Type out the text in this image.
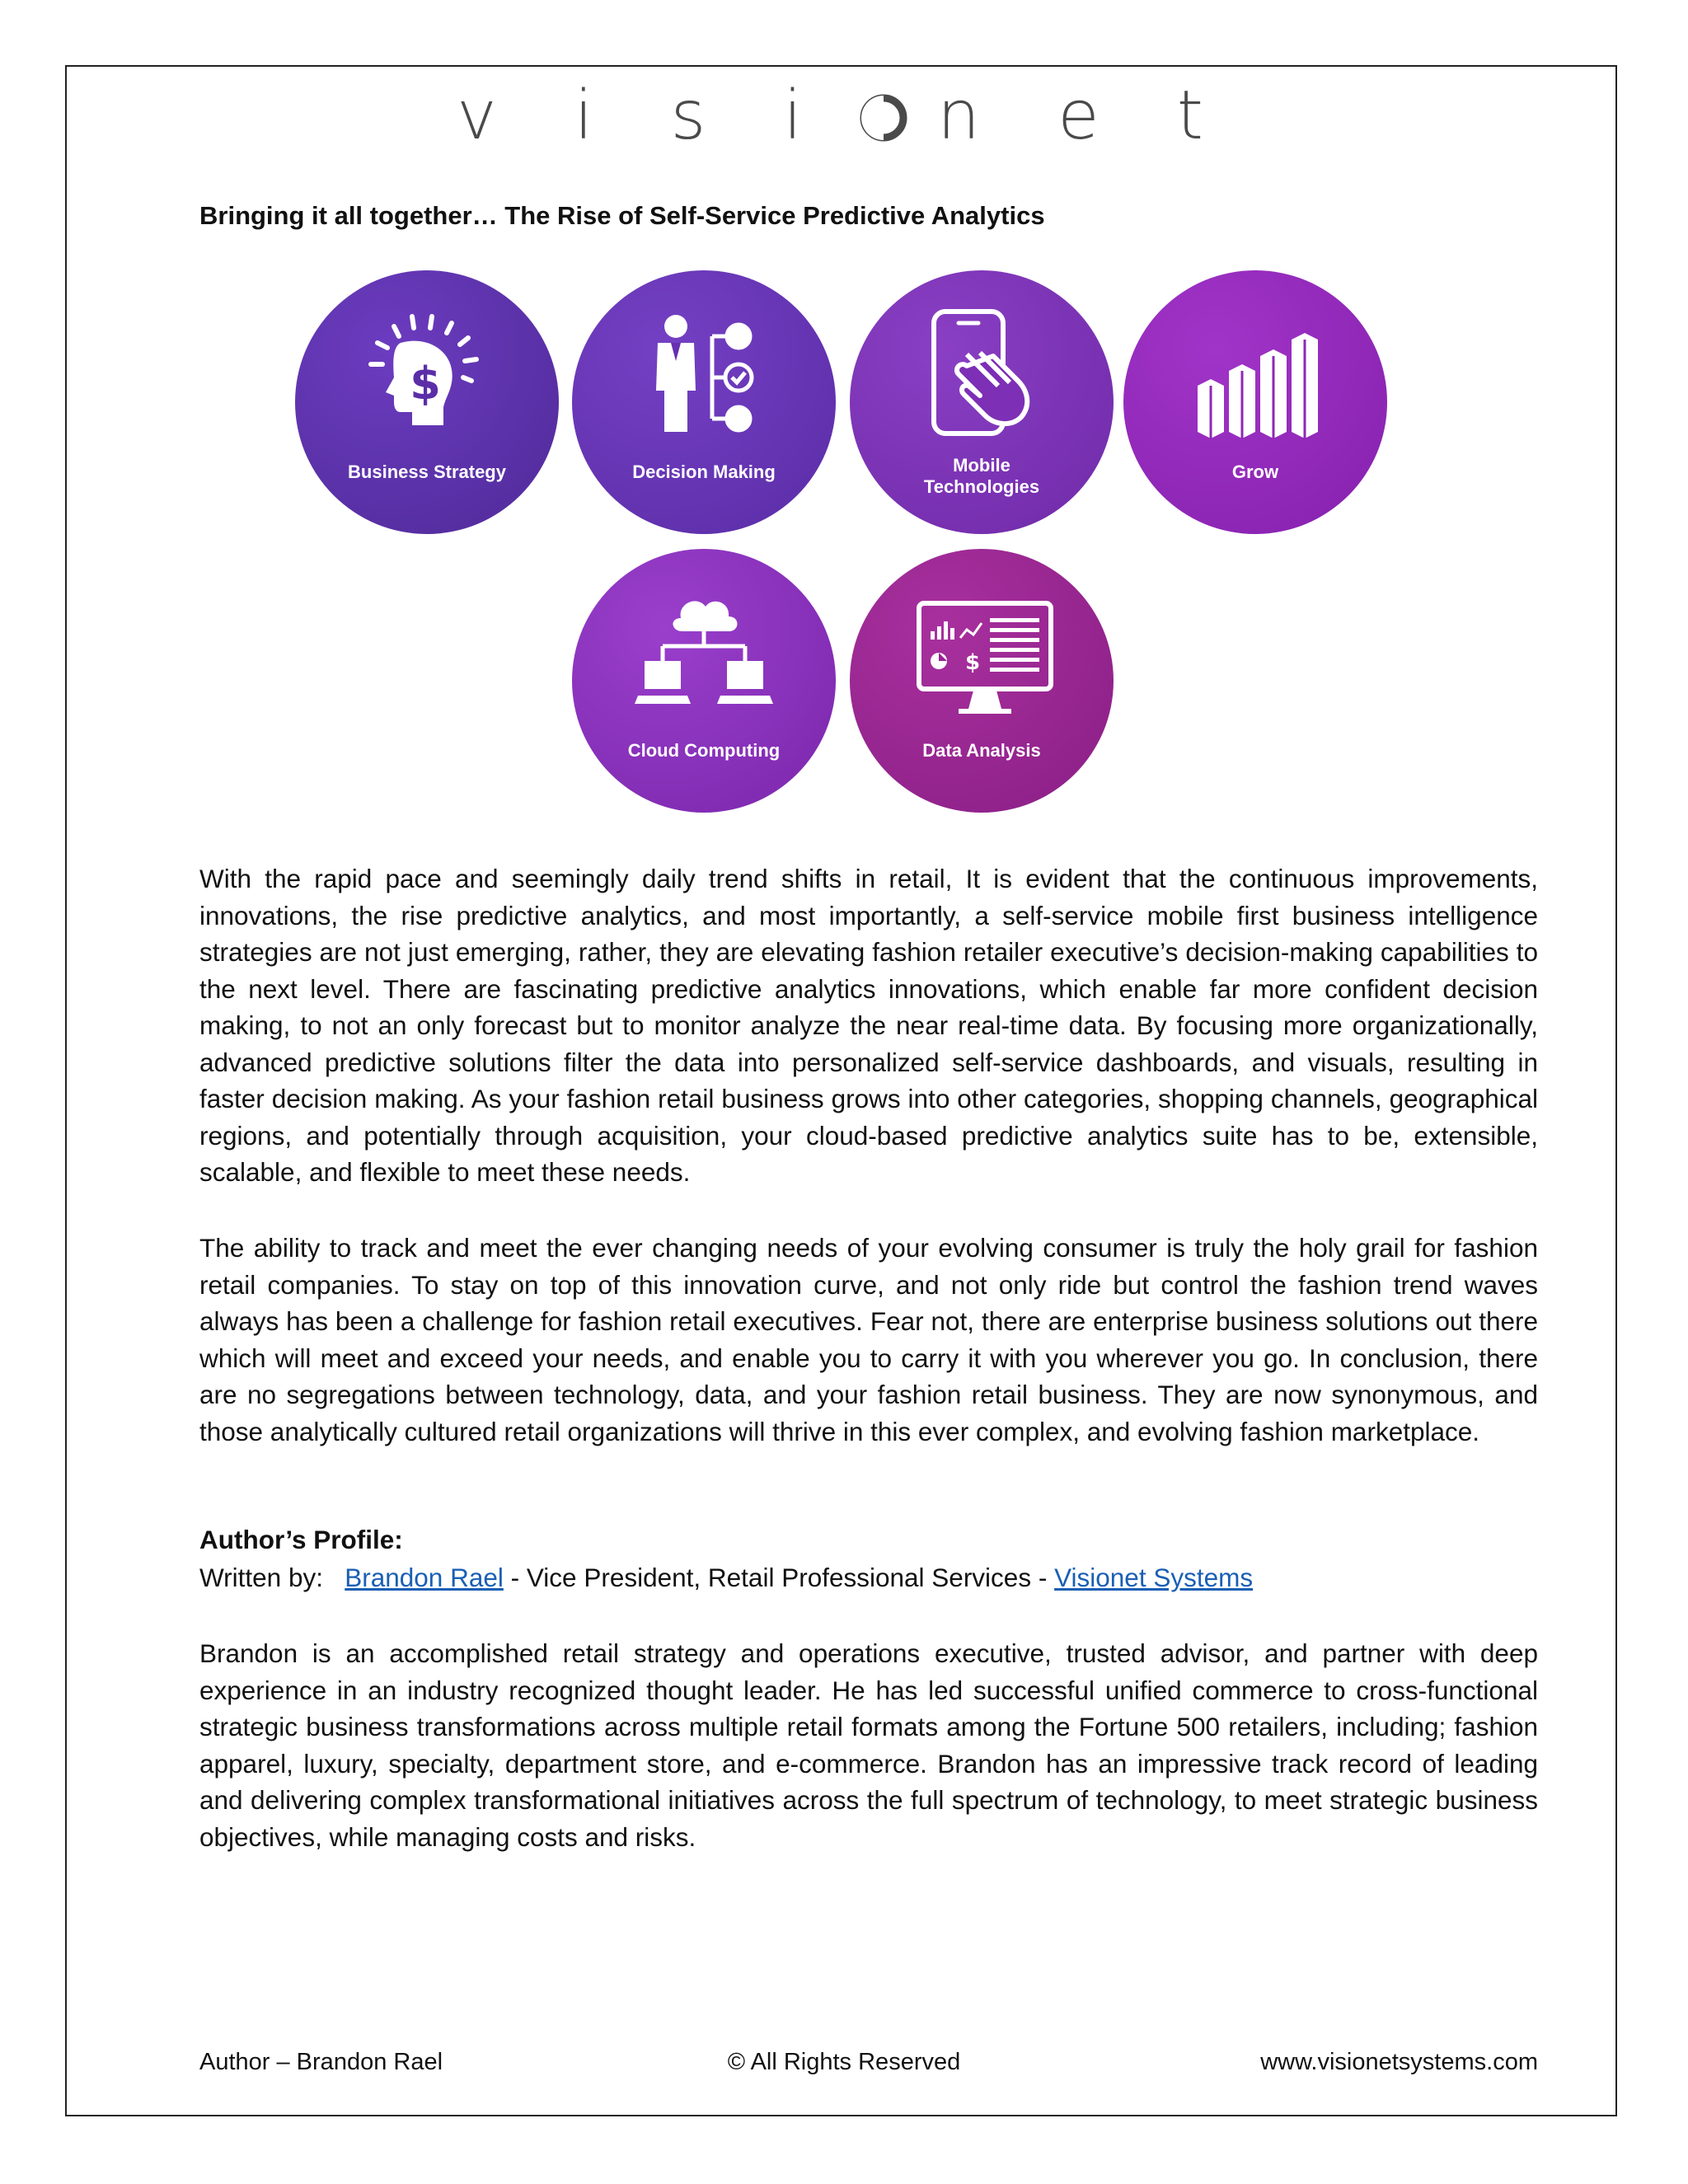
v i s i n e t
Bringing it all together… The Rise of Self-Service Predictive Analytics
$
Business Strategy	Decision Making	Mobile
Technologies
Grow
Cloud Computing
$
Data Analysis

With the rapid pace and seemingly daily trend shifts in retail, It is evident that the continuous improvements, innovations, the rise predictive analytics, and most importantly, a self-service mobile first business intelligence strategies are not just emerging, rather, they are elevating fashion retailer executive’s decision-making capabilities to the next level. There are fascinating predictive analytics innovations, which enable far more confident decision making, to not an only forecast but to monitor analyze the near real-time data. By focusing more organizationally, advanced predictive solutions filter the data into personalized self-service dashboards, and visuals, resulting in faster decision making. As your fashion retail business grows into other categories, shopping channels, geographical regions, and potentially through acquisition, your cloud-based predictive analytics suite has to be, extensible, scalable, and flexible to meet these needs.

The ability to track and meet the ever changing needs of your evolving consumer is truly the holy grail for fashion retail companies. To stay on top of this innovation curve, and not only ride but control the fashion trend waves always has been a challenge for fashion retail executives. Fear not, there are enterprise business solutions out there which will meet and exceed your needs, and enable you to carry it with you wherever you go. In conclusion, there are no segregations between technology, data, and your fashion retail business. They are now synonymous, and those analytically cultured retail organizations will thrive in this ever complex, and evolving fashion marketplace.

Author’s Profile:
Written by: Brandon Rael - Vice President, Retail Professional Services - Visionet Systems

Brandon is an accomplished retail strategy and operations executive, trusted advisor, and partner with deep experience in an industry recognized thought leader. He has led successful unified commerce to cross-functional strategic business transformations across multiple retail formats among the Fortune 500 retailers, including; fashion apparel, luxury, specialty, department store, and e-commerce. Brandon has an impressive track record of leading and delivering complex transformational initiatives across the full spectrum of technology, to meet strategic business objectives, while managing costs and risks.

Author – Brandon Rael	© All Rights Reserved	www.visionetsystems.com
